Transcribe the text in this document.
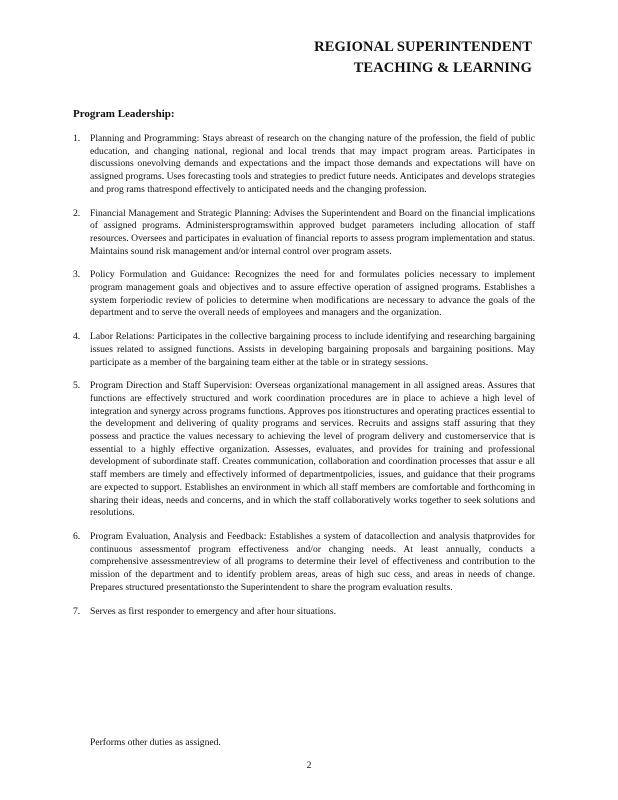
REGIONAL SUPERINTENDENT
TEACHING & LEARNING
Program Leadership:
1. Planning and Programming: Stays abreast of research on the changing nature of the profession, the field of public education, and changing national, regional and local trends that may impact program areas. Participates in discussions onevolving demands and expectations and the impact those demands and expectations will have on assigned programs. Uses forecasting tools and strategies to predict future needs. Anticipates and develops strategies and prog rams thatrespond effectively to anticipated needs and the changing profession.
2. Financial Management and Strategic Planning: Advises the Superintendent and Board on the financial implications of assigned programs. Administersprogramswithin approved budget parameters including allocation of staff resources. Oversees and participates in evaluation of financial reports to assess program implementation and status. Maintains sound risk management and/or internal control over program assets.
3. Policy Formulation and Guidance: Recognizes the need for and formulates policies necessary to implement program management goals and objectives and to assure effective operation of assigned programs. Establishes a system forperiodic review of policies to determine when modifications are necessary to advance the goals of the department and to serve the overall needs of employees and managers and the organization.
4. Labor Relations: Participates in the collective bargaining process to include identifying and researching bargaining issues related to assigned functions. Assists in developing bargaining proposals and bargaining positions. May participate as a member of the bargaining team either at the table or in strategy sessions.
5. Program Direction and Staff Supervision: Overseas organizational management in all assigned areas. Assures that functions are effectively structured and work coordination procedures are in place to achieve a high level of integration and synergy across programs functions. Approves pos itionstructures and operating practices essential to the development and delivering of quality programs and services. Recruits and assigns staff assuring that they possess and practice the values necessary to achieving the level of program delivery and customerservice that is essential to a highly effective organization. Assesses, evaluates, and provides for training and professional development of subordinate staff. Creates communication, collaboration and coordination processes that assur e all staff members are timely and effectively informed of departmentpolicies, issues, and guidance that their programs are expected to support. Establishes an environment in which all staff members are comfortable and forthcoming in sharing their ideas, needs and concerns, and in which the staff collaboratively works together to seek solutions and resolutions.
6. Program Evaluation, Analysis and Feedback: Establishes a system of datacollection and analysis thatprovides for continuous assessmentof program effectiveness and/or changing needs. At least annually, conducts a comprehensive assessmentreview of all programs to determine their level of effectiveness and contribution to the mission of the department and to identify problem areas, areas of high suc cess, and areas in needs of change. Prepares structured presentationsto the Superintendent to share the program evaluation results.
7. Serves as first responder to emergency and after hour situations.
Performs other duties as assigned.
2
